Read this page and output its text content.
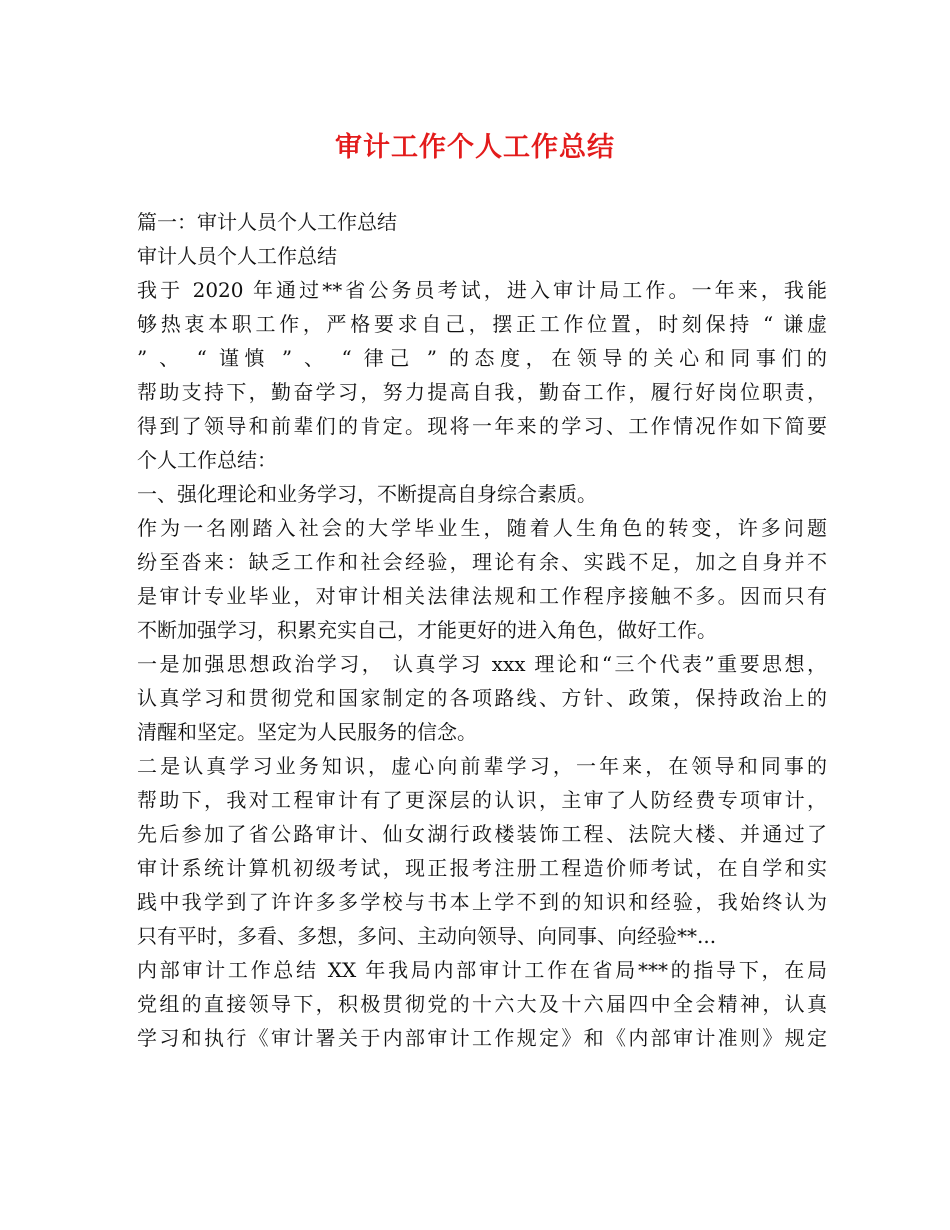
审计工作个人工作总结
篇一：审计人员个人工作总结
审计人员个人工作总结
我于 2020 年通过**省公务员考试，进入审计局工作。一年来，我能
够热衷本职工作，严格要求自己，摆正工作位置，时刻保持 “ 谦虚
” 、 “ 谨慎 ” 、 “ 律己 ” 的态度，在领导的关心和同事们的
帮助支持下，勤奋学习，努力提高自我，勤奋工作，履行好岗位职责，
得到了领导和前辈们的肯定。现将一年来的学习、工作情况作如下简要
个人工作总结：
一、强化理论和业务学习，不断提高自身综合素质。
作为一名刚踏入社会的大学毕业生，随着人生角色的转变，许多问题
纷至沓来：缺乏工作和社会经验，理论有余、实践不足，加之自身并不
是审计专业毕业，对审计相关法律法规和工作程序接触不多。因而只有
不断加强学习，积累充实自己，才能更好的进入角色，做好工作。
一是加强思想政治学习， 认真学习 xxx 理论和“三个代表”重要思想，
认真学习和贯彻党和国家制定的各项路线、方针、政策，保持政治上的
清醒和坚定。坚定为人民服务的信念。
二是认真学习业务知识，虚心向前辈学习，一年来，在领导和同事的
帮助下，我对工程审计有了更深层的认识，主审了人防经费专项审计，
先后参加了省公路审计、仙女湖行政楼装饰工程、法院大楼、并通过了
审计系统计算机初级考试，现正报考注册工程造价师考试，在自学和实
践中我学到了许许多多学校与书本上学不到的知识和经验，我始终认为
只有平时，多看、多想，多问、主动向领导、向同事、向经验**...
内部审计工作总结 XX 年我局内部审计工作在省局***的指导下，在局
党组的直接领导下，积极贯彻党的十六大及十六届四中全会精神，认真
学习和执行《审计署关于内部审计工作规定》和《内部审计准则》规定
